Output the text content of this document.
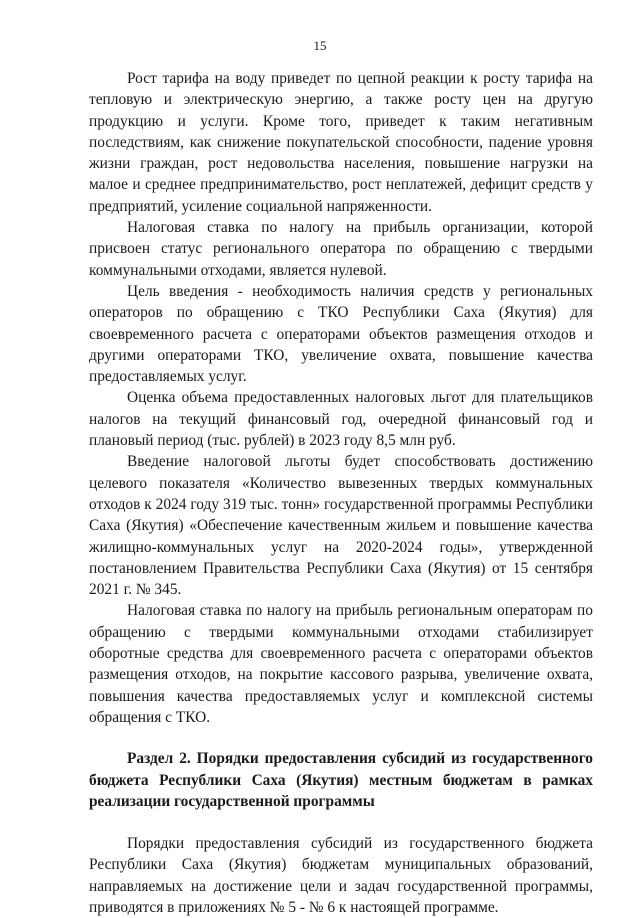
15

Рост тарифа на воду приведет по цепной реакции к росту тарифа на тепловую и электрическую энергию, а также росту цен на другую продукцию и услуги. Кроме того, приведет к таким негативным последствиям, как снижение покупательской способности, падение уровня жизни граждан, рост недовольства населения, повышение нагрузки на малое и среднее предпринимательство, рост неплатежей, дефицит средств у предприятий, усиление социальной напряженности.

Налоговая ставка по налогу на прибыль организации, которой присвоен статус регионального оператора по обращению с твердыми коммунальными отходами, является нулевой.

Цель введения - необходимость наличия средств у региональных операторов по обращению с ТКО Республики Саха (Якутия) для своевременного расчета с операторами объектов размещения отходов и другими операторами ТКО, увеличение охвата, повышение качества предоставляемых услуг.

Оценка объема предоставленных налоговых льгот для плательщиков налогов на текущий финансовый год, очередной финансовый год и плановый период (тыс. рублей) в 2023 году 8,5 млн руб.

Введение налоговой льготы будет способствовать достижению целевого показателя «Количество вывезенных твердых коммунальных отходов к 2024 году 319 тыс. тонн» государственной программы Республики Саха (Якутия) «Обеспечение качественным жильем и повышение качества жилищно-коммунальных услуг на 2020-2024 годы», утвержденной постановлением Правительства Республики Саха (Якутия) от 15 сентября 2021 г. № 345.

Налоговая ставка по налогу на прибыль региональным операторам по обращению с твердыми коммунальными отходами стабилизирует оборотные средства для своевременного расчета с операторами объектов размещения отходов, на покрытие кассового разрыва, увеличение охвата, повышения качества предоставляемых услуг и комплексной системы обращения с ТКО.

Раздел 2. Порядки предоставления субсидий из государственного бюджета Республики Саха (Якутия) местным бюджетам в рамках реализации государственной программы

Порядки предоставления субсидий из государственного бюджета Республики Саха (Якутия) бюджетам муниципальных образований, направляемых на достижение цели и задач государственной программы, приводятся в приложениях № 5 - № 6 к настоящей программе.
